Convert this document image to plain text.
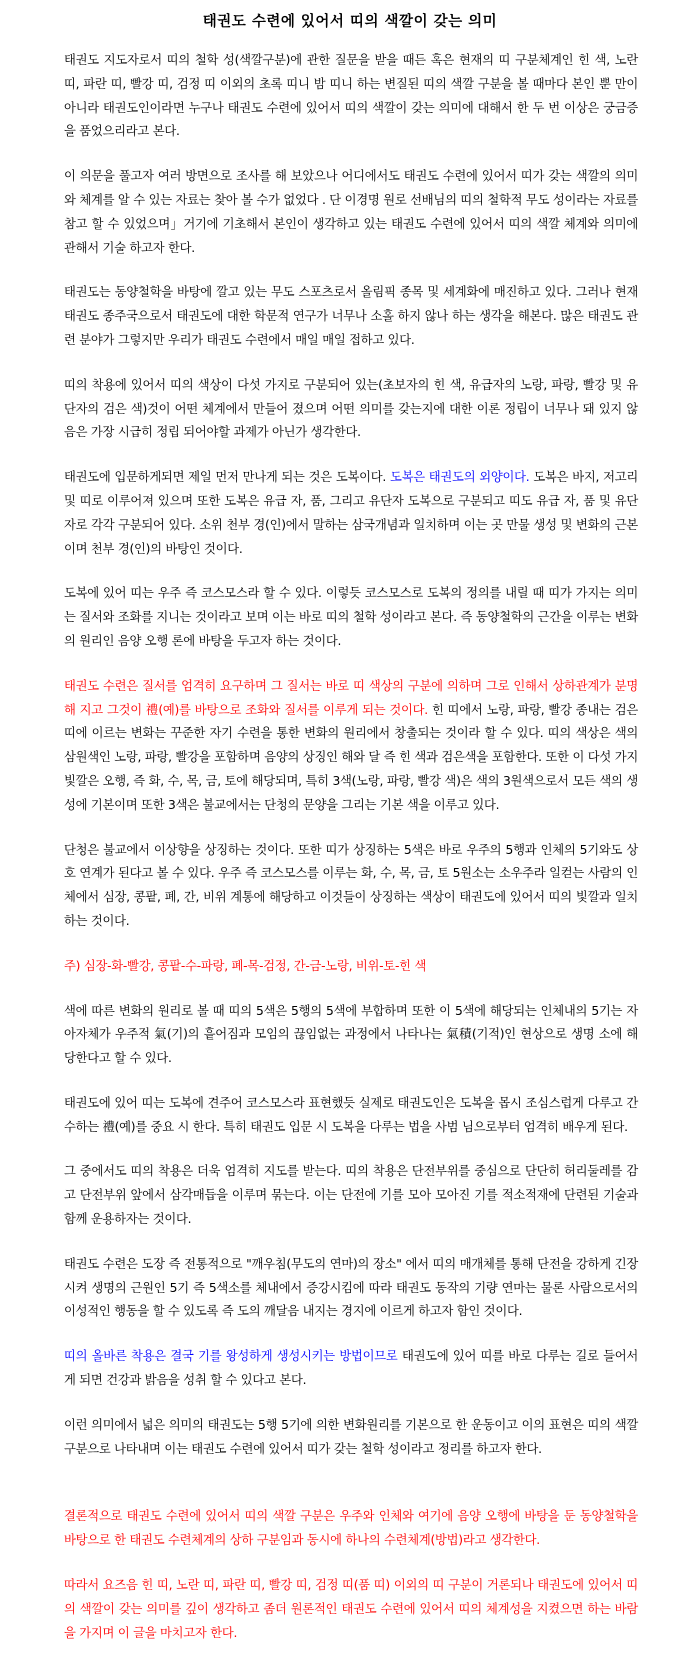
태권도 수련에 있어서 띠의 색깔이 갖는 의미

태권도 지도자로서 띠의 철학 성(색깔구분)에 관한 질문을 받을 때든 혹은 현재의 띠 구분체계인 힌 색, 노란 띠, 파란 띠, 빨강 띠, 검정 띠 이외의 초록 띠니 밤 띠니 하는 변질된 띠의 색깔 구분을 볼 때마다 본인 뿐 만이 아니라 태권도인이라면 누구나 태권도 수련에 있어서 띠의 색깔이 갖는 의미에 대해서 한 두 번 이상은 궁금증을 품었으리라고 본다.

이 의문을 풀고자 여러 방면으로 조사를 해 보았으나 어디에서도 태권도 수련에 있어서 띠가 갖는 색깔의 의미와 체계를 알 수 있는 자료는 찾아 볼 수가 없었다 . 단 이경명 원로 선배님의 띠의 철학적 무도 성이라는 자료를 참고 할 수 있었으며」거기에 기초해서 본인이 생각하고 있는 태권도 수련에 있어서 띠의 색깔 체계와 의미에 관해서 기술 하고자 한다.

태권도는 동양철학을 바탕에 깔고 있는 무도 스포츠로서 올림픽 종목 및 세계화에 매진하고 있다. 그러나 현재 태권도 종주국으로서 태권도에 대한 학문적 연구가 너무나 소홀 하지 않나 하는 생각을 해본다. 많은 태권도 관련 분야가 그렇지만 우리가 태권도 수련에서 매일 매일 접하고 있다.

띠의 착용에 있어서 띠의 색상이 다섯 가지로 구분되어 있는(초보자의 힌 색, 유급자의 노랑, 파랑, 빨강 및 유단자의 검은 색)것이 어떤 체계에서 만들어 졌으며 어떤 의미를 갖는지에 대한 이론 정립이 너무나 돼 있지 않음은 가장 시급히 정립 되어야할 과제가 아닌가 생각한다.

태권도에 입문하게되면 제일 먼저 만나게 되는 것은 도복이다. 도복은 태권도의 외양이다. 도복은 바지, 저고리 및 띠로 이루어져 있으며 또한 도복은 유급 자, 품, 그리고 유단자 도복으로 구분되고 띠도 유급 자, 품 및 유단자로 각각 구분되어 있다. 소위 천부 경(인)에서 말하는 삼국개념과 일치하며 이는 곳 만물 생성 및 변화의 근본이며 천부 경(인)의 바탕인 것이다.

도복에 있어 띠는 우주 즉 코스모스라 할 수 있다. 이렇듯 코스모스로 도복의 정의를 내릴 때 띠가 가지는 의미는 질서와 조화를 지니는 것이라고 보며 이는 바로 띠의 철학 성이라고 본다. 즉 동양철학의 근간을 이루는 변화의 원리인 음양 오행 론에 바탕을 두고자 하는 것이다.

태권도 수련은 질서를 엄격히 요구하며 그 질서는 바로 띠 색상의 구분에 의하며 그로 인해서 상하관계가 분명해 지고 그것이 禮(예)를 바탕으로 조화와 질서를 이루게 되는 것이다. 힌 띠에서 노랑, 파랑, 빨강 종내는 검은 띠에 이르는 변화는 꾸준한 자기 수련을 통한 변화의 원리에서 창출되는 것이라 할 수 있다. 띠의 색상은 색의 삼원색인 노랑, 파랑, 빨강을 포함하며 음양의 상징인 해와 달 즉 힌 색과 검은색을 포함한다. 또한 이 다섯 가지 빛깔은 오행, 즉 화, 수, 목, 금, 토에 해당되며, 특히 3색(노랑, 파랑, 빨강 색)은 색의 3원색으로서 모든 색의 생성에 기본이며 또한 3색은 불교에서는 단청의 문양을 그리는 기본 색을 이루고 있다.

단청은 불교에서 이상향을 상징하는 것이다. 또한 띠가 상징하는 5색은 바로 우주의 5행과 인체의 5기와도 상호 연계가 된다고 볼 수 있다. 우주 즉 코스모스를 이루는 화, 수, 목, 금, 토 5원소는 소우주라 일컫는 사람의 인체에서 심장, 콩팥, 폐, 간, 비위 계통에 해당하고 이것들이 상징하는 색상이 태권도에 있어서 띠의 빛깔과 일치하는 것이다.

주) 심장-화-빨강, 콩팥-수-파랑, 폐-목-검정, 간-금-노랑, 비위-토-힌 색

색에 따른 변화의 원리로 볼 때 띠의 5색은 5행의 5색에 부합하며 또한 이 5색에 해당되는 인체내의 5기는 자아자체가 우주적 氣(기)의 흩어짐과 모임의 끊임없는 과정에서 나타나는 氣積(기적)인 현상으로 생명 소에 해당한다고 할 수 있다.

태권도에 있어 띠는 도복에 견주어 코스모스라 표현했듯 실제로 태권도인은 도복을 몹시 조심스럽게 다루고 간수하는 禮(예)를 중요 시 한다. 특히 태권도 입문 시 도복을 다루는 법을 사범 님으로부터 엄격히 배우게 된다.

그 중에서도 띠의 착용은 더욱 엄격히 지도를 받는다. 띠의 착용은 단전부위를 중심으로 단단히 허리둘레를 감고 단전부위 앞에서 삼각매듭을 이루며 묶는다. 이는 단전에 기를 모아 모아진 기를 적소적재에 단련된 기술과 함께 운용하자는 것이다.

태권도 수련은 도장 즉 전통적으로 "깨우침(무도의 연마)의 장소" 에서 띠의 매개체를 통해 단전을 강하게 긴장시켜 생명의 근원인 5기 즉 5색소를 체내에서 증강시킴에 따라 태권도 동작의 기량 연마는 물론 사람으로서의 이성적인 행동을 할 수 있도록 즉 도의 깨달음 내지는 경지에 이르게 하고자 함인 것이다.

띠의 올바른 착용은 결국 기를 왕성하게 생성시키는 방법이므로 태권도에 있어 띠를 바로 다루는 길로 들어서게 되면 건강과 밝음을 성취 할 수 있다고 본다.

이런 의미에서 넓은 의미의 태권도는 5행 5기에 의한 변화원리를 기본으로 한 운동이고 이의 표현은 띠의 색깔 구분으로 나타내며 이는 태권도 수련에 있어서 띠가 갖는 철학 성이라고 정리를 하고자 한다.

결론적으로 태권도 수련에 있어서 띠의 색깔 구분은 우주와 인체와 여기에 음양 오행에 바탕을 둔 동양철학을 바탕으로 한 태권도 수련체계의 상하 구분임과 동시에 하나의 수련체계(방법)라고 생각한다.

따라서 요즈음 힌 띠, 노란 띠, 파란 띠, 빨강 띠, 검정 띠(품 띠) 이외의 띠 구분이 거론되나 태권도에 있어서 띠의 색깔이 갖는 의미를 깊이 생각하고 좀더 원론적인 태권도 수련에 있어서 띠의 체계성을 지켰으면 하는 바람을 가지며 이 글을 마치고자 한다.
